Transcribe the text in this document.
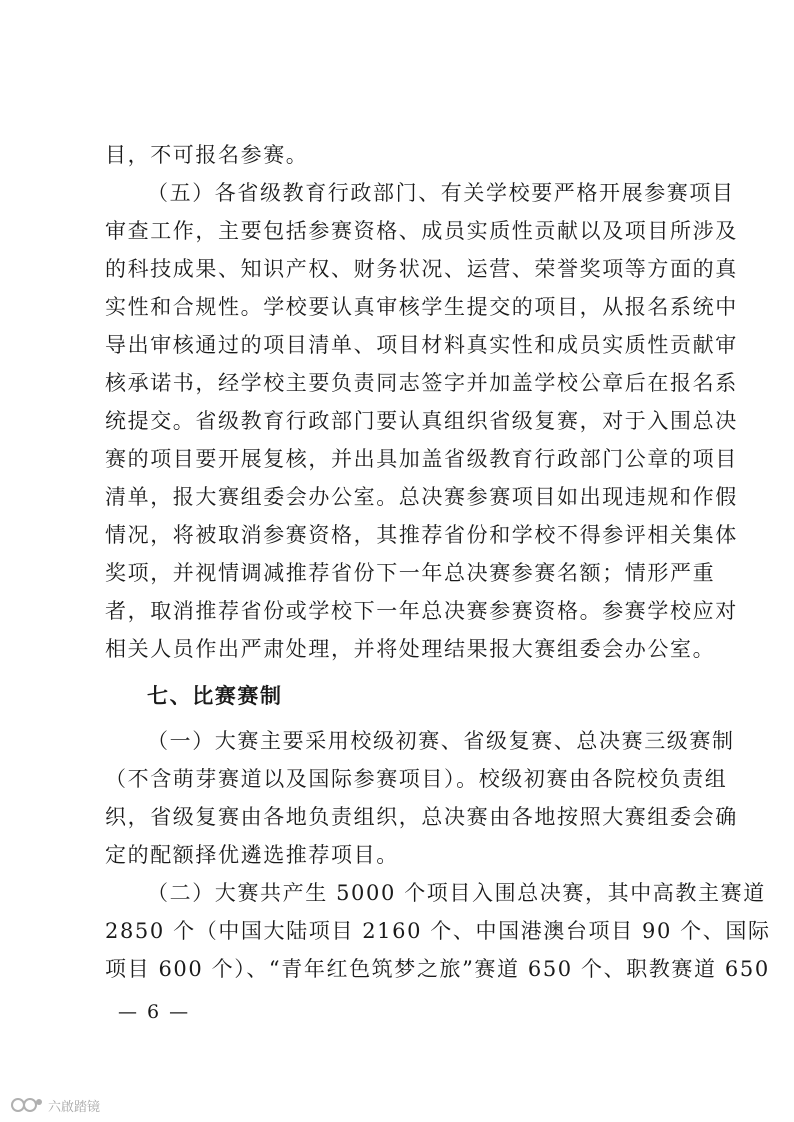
目，不可报名参赛。
（五）各省级教育行政部门、有关学校要严格开展参赛项目
审查工作，主要包括参赛资格、成员实质性贡献以及项目所涉及
的科技成果、知识产权、财务状况、运营、荣誉奖项等方面的真
实性和合规性。学校要认真审核学生提交的项目，从报名系统中
导出审核通过的项目清单、项目材料真实性和成员实质性贡献审
核承诺书，经学校主要负责同志签字并加盖学校公章后在报名系
统提交。省级教育行政部门要认真组织省级复赛，对于入围总决
赛的项目要开展复核，并出具加盖省级教育行政部门公章的项目
清单，报大赛组委会办公室。总决赛参赛项目如出现违规和作假
情况，将被取消参赛资格，其推荐省份和学校不得参评相关集体
奖项，并视情调减推荐省份下一年总决赛参赛名额；情形严重
者，取消推荐省份或学校下一年总决赛参赛资格。参赛学校应对
相关人员作出严肃处理，并将处理结果报大赛组委会办公室。
七、比赛赛制
（一）大赛主要采用校级初赛、省级复赛、总决赛三级赛制
（不含萌芽赛道以及国际参赛项目）。校级初赛由各院校负责组
织，省级复赛由各地负责组织，总决赛由各地按照大赛组委会确
定的配额择优遴选推荐项目。
（二）大赛共产生 5000 个项目入围总决赛，其中高教主赛道
2850 个（中国大陆项目 2160 个、中国港澳台项目 90 个、国际
项目 600 个）、“青年红色筑梦之旅”赛道 650 个、职教赛道 650
— 6 —
六啟踏镜
